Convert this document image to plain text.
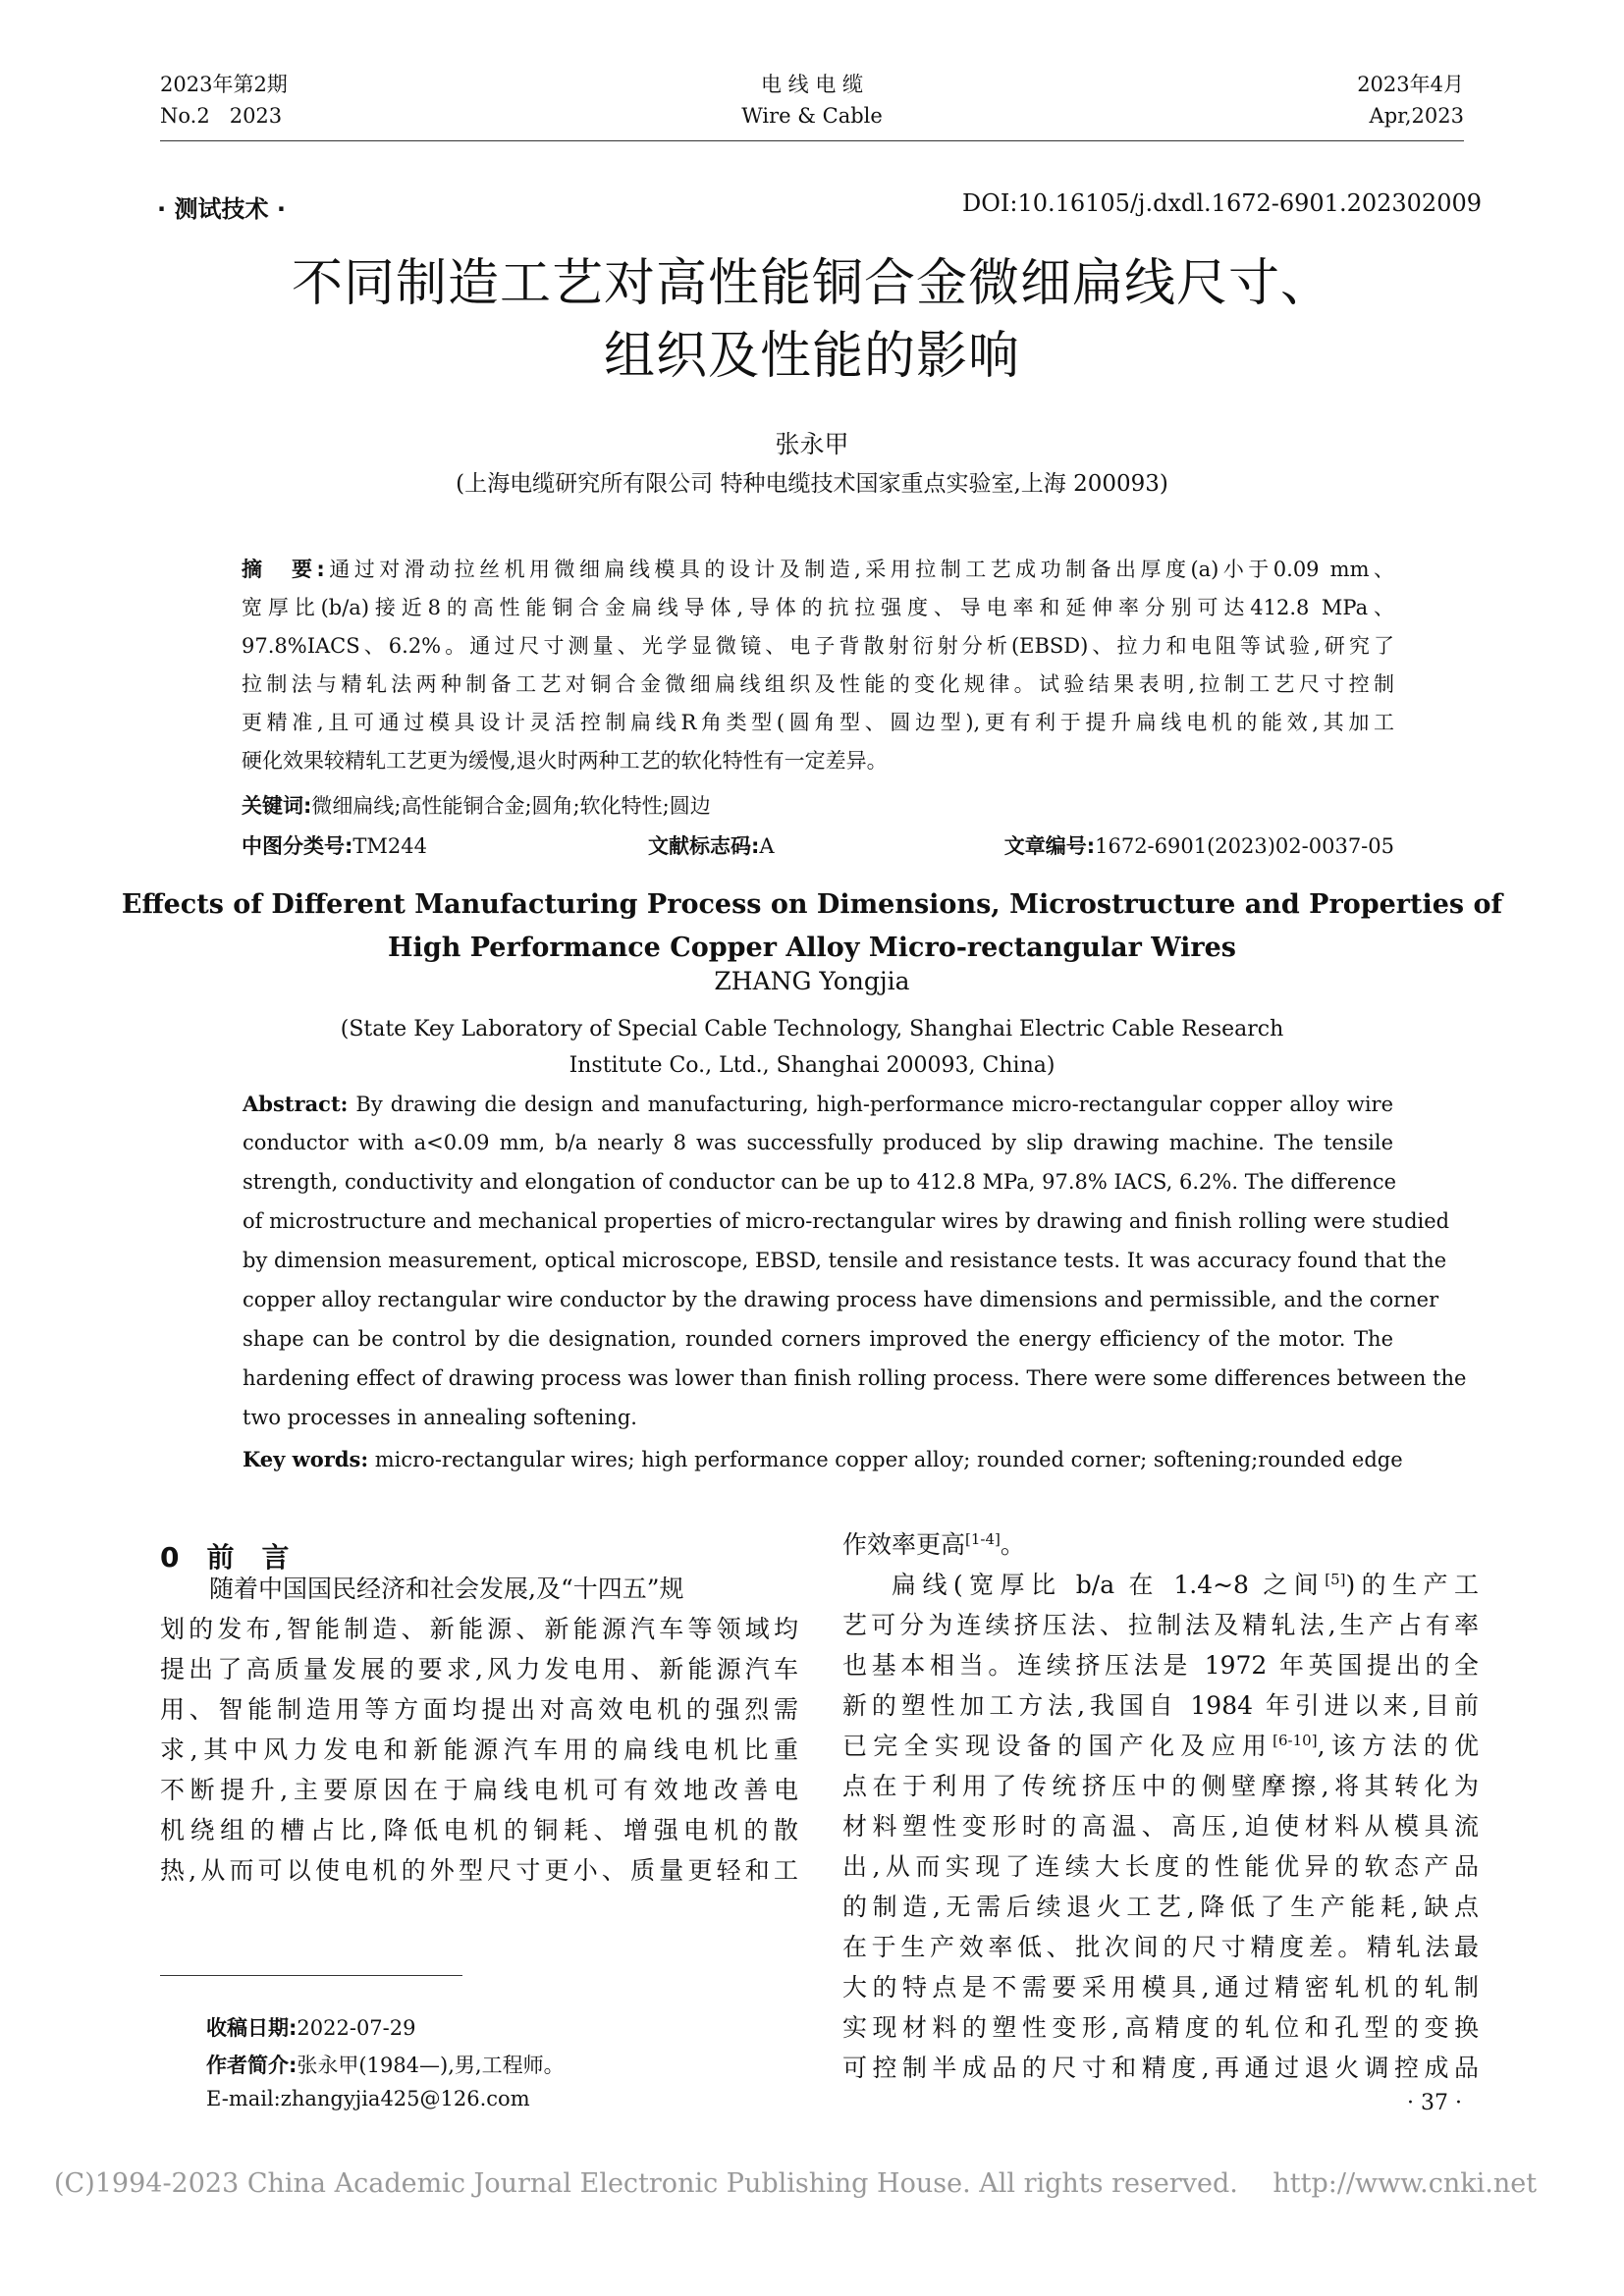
2023年第2期
No.2   2023
电 线 电 缆
Wire & Cable
2023年4月
Apr,2023
· 测试技术 ·	DOI:10.16105/j.dxdl.1672-6901.202302009
不同制造工艺对高性能铜合金微细扁线尺寸、
组织及性能的影响
张永甲
(上海电缆研究所有限公司 特种电缆技术国家重点实验室,上海 200093)
摘　要:通过对滑动拉丝机用微细扁线模具的设计及制造,采用拉制工艺成功制备出厚度(a)小于0.09 mm、
宽厚比(b/a)接近8的高性能铜合金扁线导体,导体的抗拉强度、导电率和延伸率分别可达412.8 MPa、
97.8%IACS、6.2%。通过尺寸测量、光学显微镜、电子背散射衍射分析(EBSD)、拉力和电阻等试验,研究了
拉制法与精轧法两种制备工艺对铜合金微细扁线组织及性能的变化规律。试验结果表明,拉制工艺尺寸控制
更精准,且可通过模具设计灵活控制扁线R角类型(圆角型、圆边型),更有利于提升扁线电机的能效,其加工
硬化效果较精轧工艺更为缓慢,退火时两种工艺的软化特性有一定差异。
关键词:微细扁线;高性能铜合金;圆角;软化特性;圆边
中图分类号:TM244	文献标志码:A	文章编号:1672-6901(2023)02-0037-05
Effects of Different Manufacturing Process on Dimensions, Microstructure and Properties of
High Performance Copper Alloy Micro-rectangular Wires
ZHANG Yongjia
(State Key Laboratory of Special Cable Technology, Shanghai Electric Cable Research
Institute Co., Ltd., Shanghai 200093, China)
Abstract: By drawing die design and manufacturing, high-performance micro-rectangular copper alloy wire
conductor with a<0.09 mm, b/a nearly 8 was successfully produced by slip drawing machine. The tensile
strength, conductivity and elongation of conductor can be up to 412.8 MPa, 97.8% IACS, 6.2%. The difference
of microstructure and mechanical properties of micro-rectangular wires by drawing and finish rolling were studied
by dimension measurement, optical microscope, EBSD, tensile and resistance tests. It was accuracy found that the
copper alloy rectangular wire conductor by the drawing process have dimensions and permissible, and the corner
shape can be control by die designation, rounded corners improved the energy efficiency of the motor. The
hardening effect of drawing process was lower than finish rolling process. There were some differences between the
two processes in annealing softening.
Key words: micro-rectangular wires; high performance copper alloy; rounded corner; softening;rounded edge
0　前　言
随着中国国民经济和社会发展,及“十四五”规
划的发布,智能制造、新能源、新能源汽车等领域均
提出了高质量发展的要求,风力发电用、新能源汽车
用、智能制造用等方面均提出对高效电机的强烈需
求,其中风力发电和新能源汽车用的扁线电机比重
不断提升,主要原因在于扁线电机可有效地改善电
机绕组的槽占比,降低电机的铜耗、增强电机的散
热,从而可以使电机的外型尺寸更小、质量更轻和工
作效率更高[1-4]。
扁线(宽厚比 b/a 在 1.4~8 之间[5])的生产工
艺可分为连续挤压法、拉制法及精轧法,生产占有率
也基本相当。连续挤压法是 1972 年英国提出的全
新的塑性加工方法,我国自 1984 年引进以来,目前
已完全实现设备的国产化及应用[6-10],该方法的优
点在于利用了传统挤压中的侧壁摩擦,将其转化为
材料塑性变形时的高温、高压,迫使材料从模具流
出,从而实现了连续大长度的性能优异的软态产品
的制造,无需后续退火工艺,降低了生产能耗,缺点
在于生产效率低、批次间的尺寸精度差。精轧法最
大的特点是不需要采用模具,通过精密轧机的轧制
实现材料的塑性变形,高精度的轧位和孔型的变换
可控制半成品的尺寸和精度,再通过退火调控成品
收稿日期:2022-07-29
作者简介:张永甲(1984—),男,工程师。
E-mail:zhangyjia425@126.com	· 37 ·
(C)1994-2023 China Academic Journal Electronic Publishing House. All rights reserved.　 http://www.cnki.net
